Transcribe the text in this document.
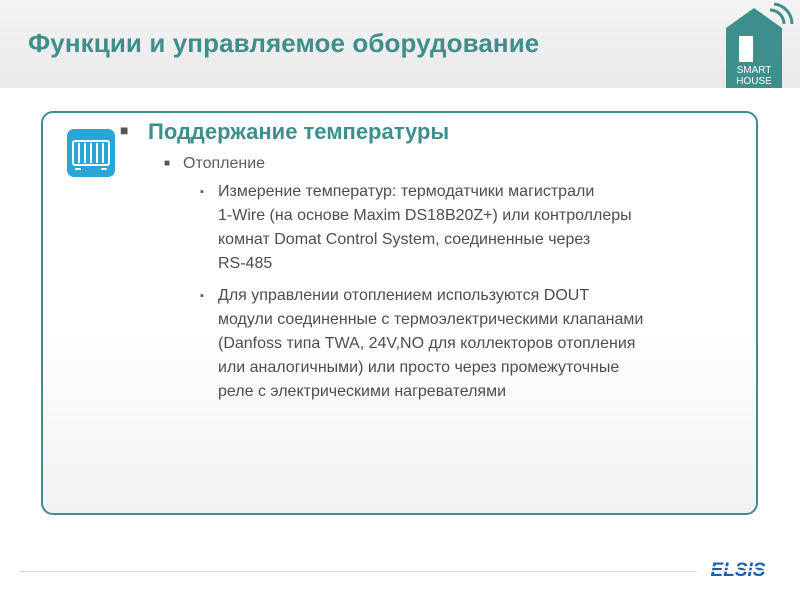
Функции и управляемое оборудование
SMART
HOUSE
■ Поддержание температуры
■ Отопление
▪ Измерение температур: термодатчики магистрали
1-Wire (на основе Maxim DS18B20Z+) или контроллеры
комнат Domat Control System, соединенные через
RS-485
▪ Для управлении отоплением используются DOUT
модули соединенные с термоэлектрическими клапанами
(Danfoss типа TWA, 24V,NO для коллекторов отопления
или аналогичными) или просто через промежуточные
реле с электрическими нагревателями
ELSIS
